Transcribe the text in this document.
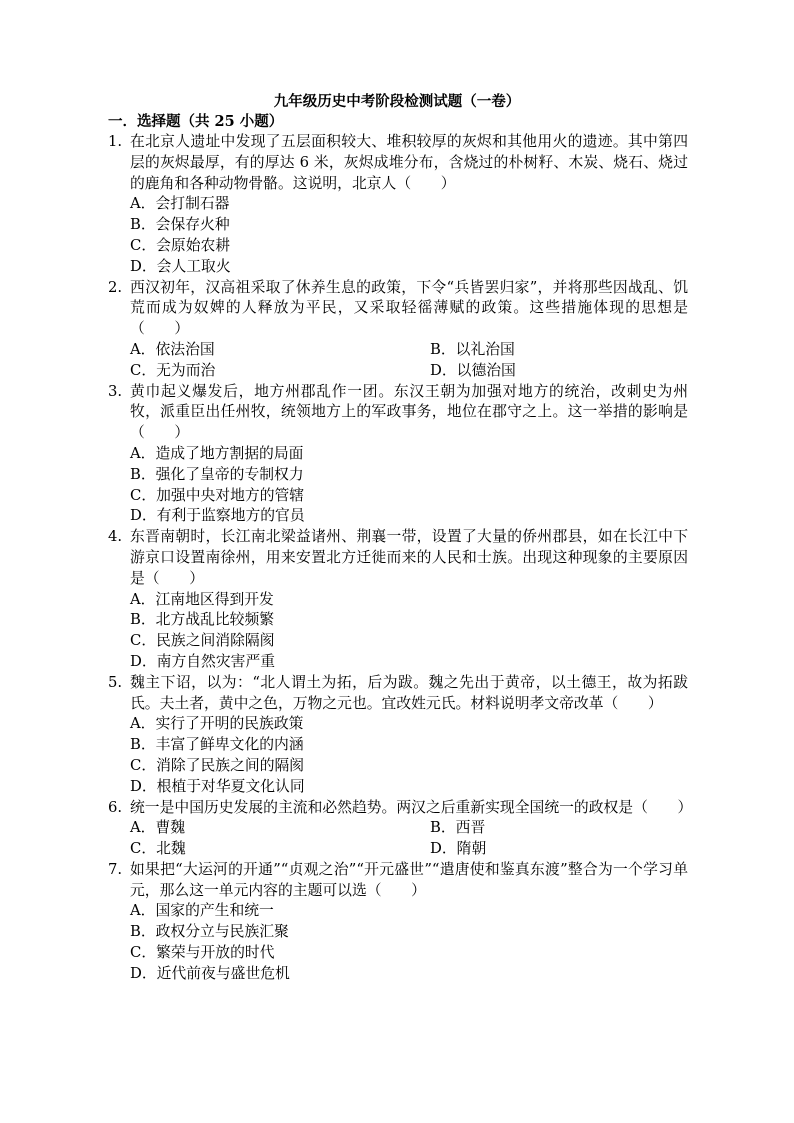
九年级历史中考阶段检测试题（一卷）
一．选择题（共 25 小题）
1. 在北京人遗址中发现了五层面积较大、堆积较厚的灰烬和其他用火的遗迹。其中第四层的灰烬最厚，有的厚达 6 米，灰烬成堆分布，含烧过的朴树籽、木炭、烧石、烧过的鹿角和各种动物骨骼。这说明，北京人（　　）
A．会打制石器
B．会保存火种
C．会原始农耕
D．会人工取火
2. 西汉初年，汉高祖采取了休养生息的政策，下令“兵皆罢归家”，并将那些因战乱、饥荒而成为奴婢的人释放为平民，又采取轻徭薄赋的政策。这些措施体现的思想是（　　）
A．依法治国	B．以礼治国
C．无为而治	D．以德治国
3. 黄巾起义爆发后，地方州郡乱作一团。东汉王朝为加强对地方的统治，改刺史为州牧，派重臣出任州牧，统领地方上的军政事务，地位在郡守之上。这一举措的影响是（　　）
A．造成了地方割据的局面
B．强化了皇帝的专制权力
C．加强中央对地方的管辖
D．有利于监察地方的官员
4. 东晋南朝时，长江南北梁益诸州、荆襄一带，设置了大量的侨州郡县，如在长江中下游京口设置南徐州，用来安置北方迁徙而来的人民和士族。出现这种现象的主要原因是（　　）
A．江南地区得到开发
B．北方战乱比较频繁
C．民族之间消除隔阂
D．南方自然灾害严重
5. 魏主下诏，以为：“北人谓土为拓，后为跋。魏之先出于黄帝，以土德王，故为拓跋氏。夫土者，黄中之色，万物之元也。宜改姓元氏。材料说明孝文帝改革（　　）
A．实行了开明的民族政策
B．丰富了鲜卑文化的内涵
C．消除了民族之间的隔阂
D．根植于对华夏文化认同
6. 统一是中国历史发展的主流和必然趋势。两汉之后重新实现全国统一的政权是（　　）
A．曹魏	B．西晋
C．北魏	D．隋朝
7. 如果把“大运河的开通”“贞观之治”“开元盛世”“遣唐使和鉴真东渡”整合为一个学习单元，那么这一单元内容的主题可以选（　　）
A．国家的产生和统一
B．政权分立与民族汇聚
C．繁荣与开放的时代
D．近代前夜与盛世危机
